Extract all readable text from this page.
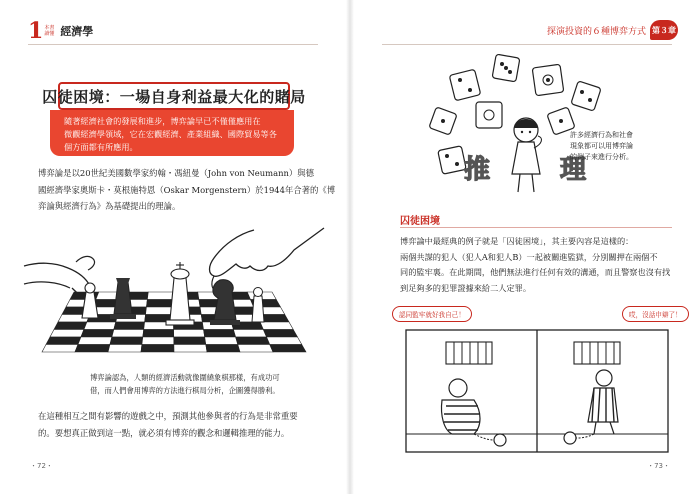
1 本書讀懂 經濟學
隨著經濟社會的發展和進步，博弈論早已不僅僅應用在
微觀經濟學領域，它在宏觀經濟、產業組織、國際貿易等各
個方面都有所應用。
囚徒困境：一場自身利益最大化的賭局
博弈論是以20世紀美國數學家約翰・馮紐曼（John von Neumann）與德
國經濟學家奧斯卡・莫根施特恩（Oskar Morgenstern）於1944年合著的《博
弈論與經濟行為》為基礎提出的理論。
博弈論認為，人類的經濟活動就像圍繞象棋那樣，有成功可
借，而人們會用博弈的方法進行棋局分析，企圖獲得勝利。
在這種相互之間有影響的遊戲之中，預測其他參與者的行為是非常重要
的。要想真正做到這一點，就必須有博弈的觀念和邏輯推理的能力。
・72・
探演投資的６種博弈方式 第３章
推	理
許多經濟行為和社會
現象都可以用博弈論
的例子來進行分析。
囚徒困境
博弈論中最經典的例子就是「囚徒困境」，其主要內容是這樣的：
兩個共謀的犯人（犯人A和犯人B）一起被關進監獄，分別關押在兩個不
同的監牢裏。在此期間，他們無法進行任何有效的溝通，而且警察也沒有找
到足夠多的犯罪證據來給二人定罪。
認同監牢就好我自己！	哎，沒話申辯了！
・73・
